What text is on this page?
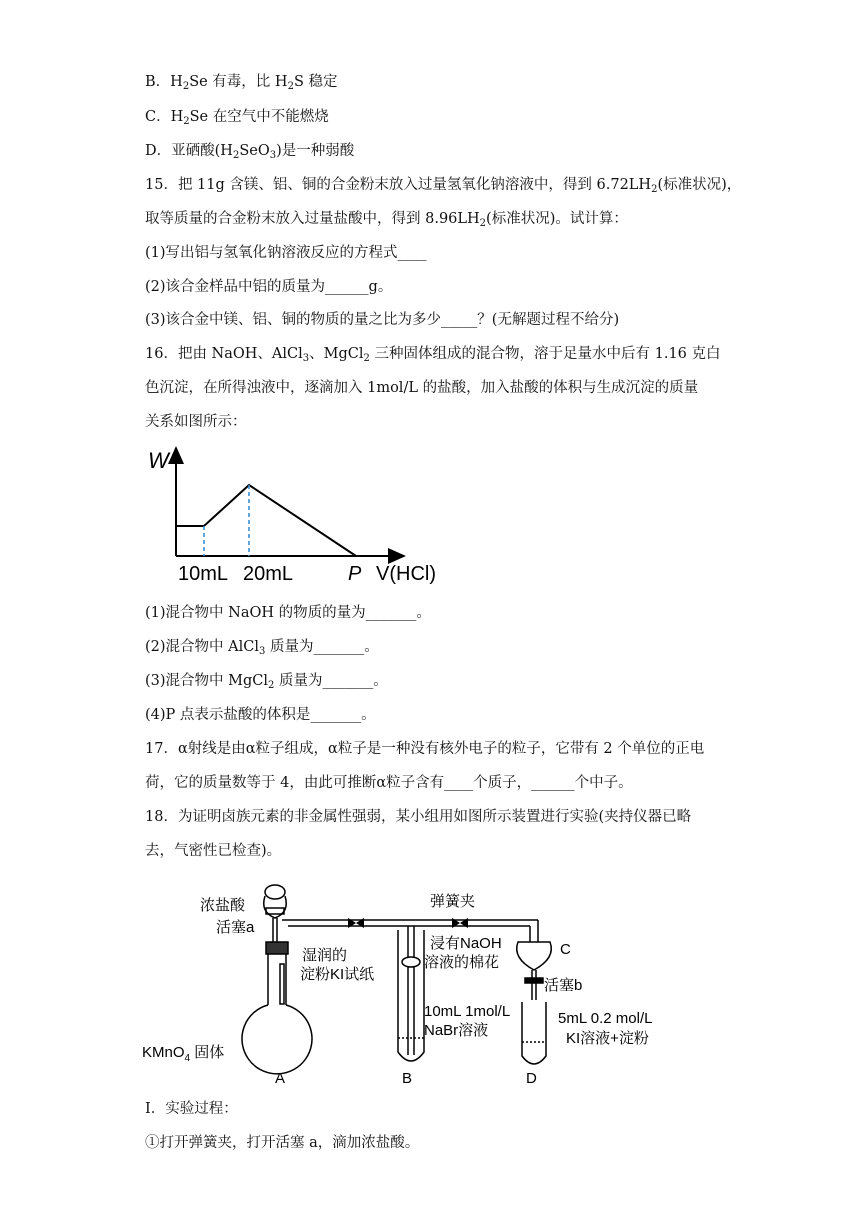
B．$H_2Se$ 有毒，比 $H_2S$ 稳定
C．$H_2Se$ 在空气中不能燃烧
D．亚硒酸$(H_2SeO_3)$是一种弱酸
15．把 11g 含镁、铝、铜的合金粉末放入过量氢氧化钠溶液中，得到 $6.72LH_2$(标准状况)，
取等质量的合金粉末放入过量盐酸中，得到 $8.96LH_2$(标准状况)。试计算：
(1)写出铝与氢氧化钠溶液反应的方程式____
(2)该合金样品中铝的质量为______g。
(3)该合金中镁、铝、铜的物质的量之比为多少_____？(无解题过程不给分)
16．把由 NaOH、AlCl$_3$、MgCl$_2$ 三种固体组成的混合物，溶于足量水中后有 1.16 克白
色沉淀，在所得浊液中，逐滴加入 1mol/L 的盐酸，加入盐酸的体积与生成沉淀的质量
关系如图所示：
W
10mL 20mL	P V(HCl)
(1)混合物中 NaOH 的物质的量为_______。
(2)混合物中 AlCl$_3$ 质量为_______。
(3)混合物中 MgCl$_2$ 质量为_______。
(4)P 点表示盐酸的体积是_______。
17．α射线是由α粒子组成，α粒子是一种没有核外电子的粒子，它带有 2 个单位的正电
荷，它的质量数等于 4，由此可推断α粒子含有____个质子，______个中子。
18．为证明卤族元素的非金属性强弱，某小组用如图所示装置进行实验(夹持仪器已略
去，气密性已检查)。
浓盐酸
活塞a
弹簧夹
湿润的
淀粉KI试纸
KMnO$_4$ 固体
A
浸有NaOH
溶液的棉花
10mL 1mol/L
NaBr溶液
B
C
活塞b
5mL 0.2 mol/L
KI溶液+淀粉
D
I．实验过程：
①打开弹簧夹，打开活塞 a，滴加浓盐酸。
